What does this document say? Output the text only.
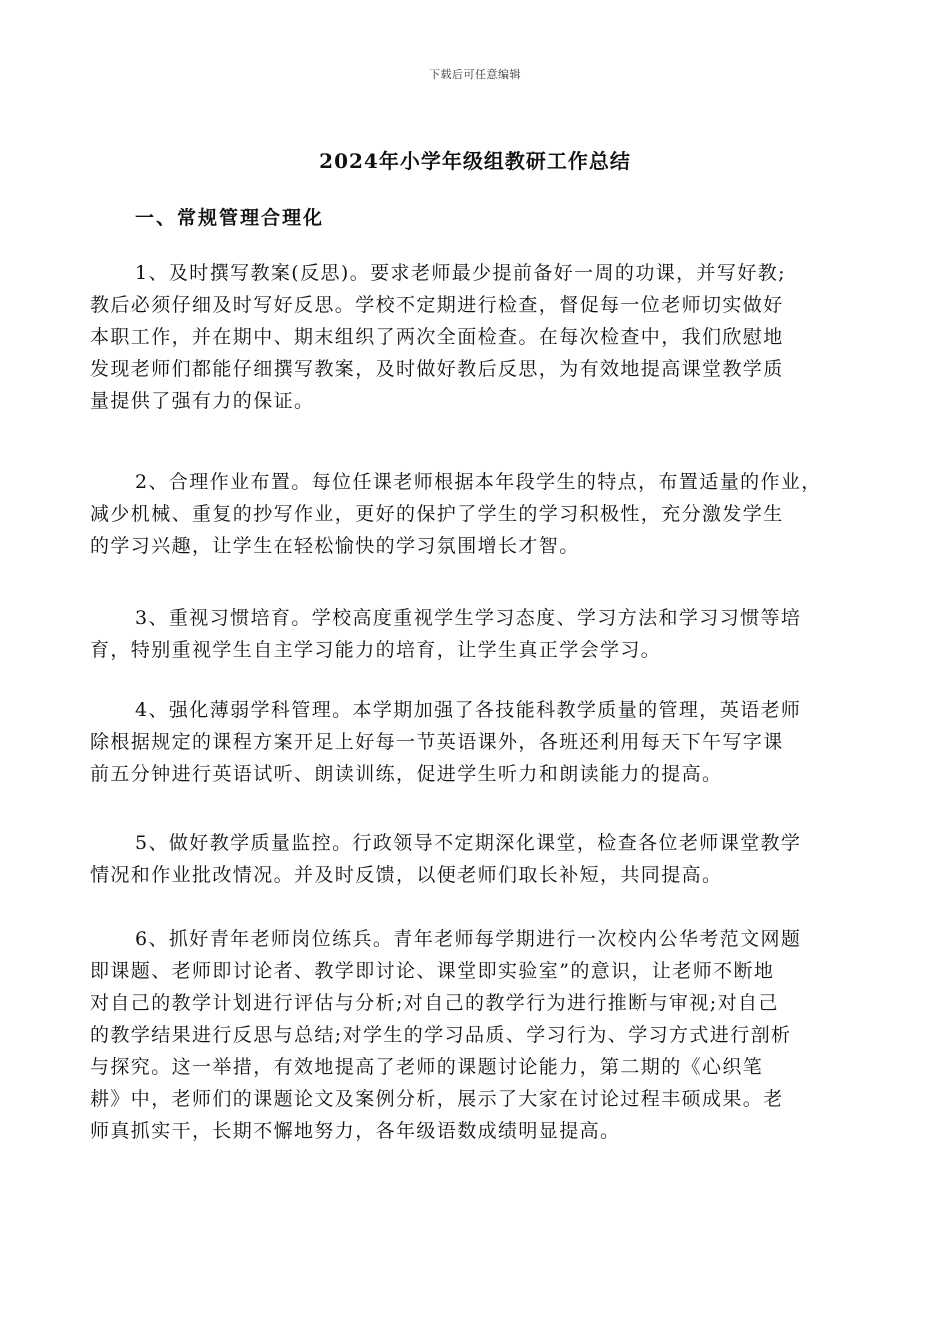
下载后可任意编辑
2024年小学年级组教研工作总结
一、常规管理合理化
1、及时撰写教案(反思)。要求老师最少提前备好一周的功课，并写好教;
教后必须仔细及时写好反思。学校不定期进行检查，督促每一位老师切实做好
本职工作，并在期中、期末组织了两次全面检查。在每次检查中，我们欣慰地
发现老师们都能仔细撰写教案，及时做好教后反思，为有效地提高课堂教学质
量提供了强有力的保证。
2、合理作业布置。每位任课老师根据本年段学生的特点，布置适量的作业，
减少机械、重复的抄写作业，更好的保护了学生的学习积极性，充分激发学生
的学习兴趣，让学生在轻松愉快的学习氛围增长才智。
3、重视习惯培育。学校高度重视学生学习态度、学习方法和学习习惯等培
育，特别重视学生自主学习能力的培育，让学生真正学会学习。
4、强化薄弱学科管理。本学期加强了各技能科教学质量的管理，英语老师
除根据规定的课程方案开足上好每一节英语课外，各班还利用每天下午写字课
前五分钟进行英语试听、朗读训练，促进学生听力和朗读能力的提高。
5、做好教学质量监控。行政领导不定期深化课堂，检查各位老师课堂教学
情况和作业批改情况。并及时反馈，以便老师们取长补短，共同提高。
6、抓好青年老师岗位练兵。青年老师每学期进行一次校内公华考范文网题
即课题、老师即讨论者、教学即讨论、课堂即实验室”的意识，让老师不断地
对自己的教学计划进行评估与分析;对自己的教学行为进行推断与审视;对自己
的教学结果进行反思与总结;对学生的学习品质、学习行为、学习方式进行剖析
与探究。这一举措，有效地提高了老师的课题讨论能力，第二期的《心织笔
耕》中，老师们的课题论文及案例分析，展示了大家在讨论过程丰硕成果。老
师真抓实干，长期不懈地努力，各年级语数成绩明显提高。
